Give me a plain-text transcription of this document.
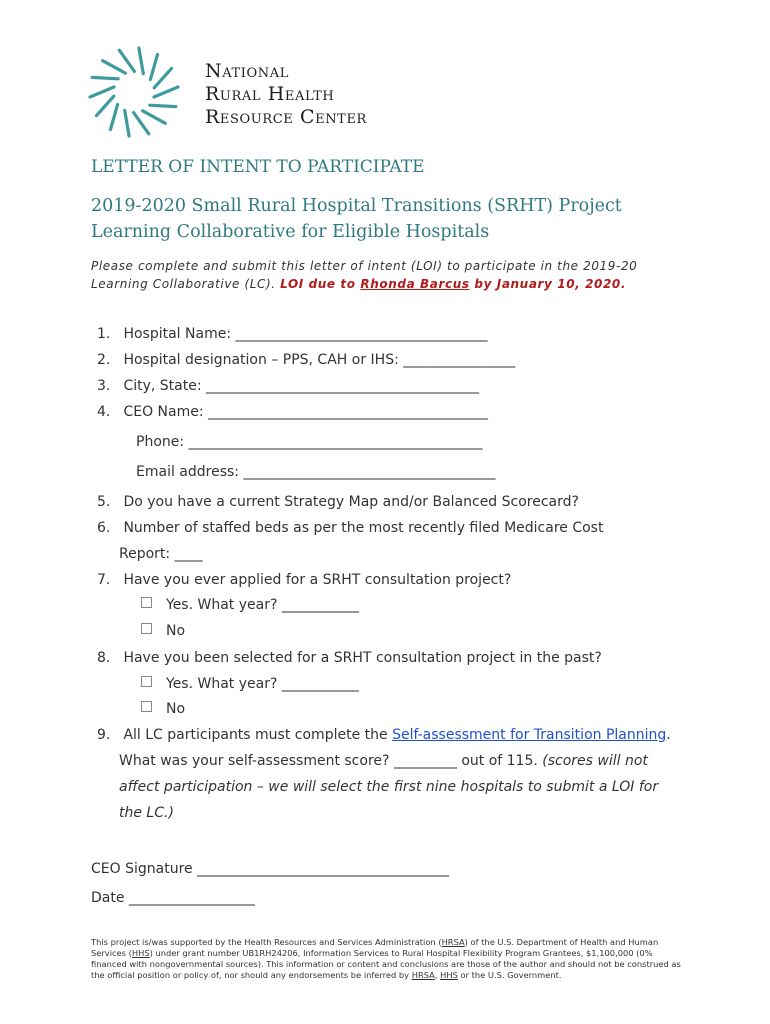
National
Rural Health
Resource Center
LETTER OF INTENT TO PARTICIPATE
2019-2020 Small Rural Hospital Transitions (SRHT) Project
Learning Collaborative for Eligible Hospitals
Please complete and submit this letter of intent (LOI) to participate in the 2019-20 Learning Collaborative (LC). LOI due to Rhonda Barcus by January 10, 2020.
1. Hospital Name: ____________________________________
2. Hospital designation – PPS, CAH or IHS: ________________
3. City, State: _______________________________________
4. CEO Name: ________________________________________
Phone: __________________________________________
Email address: ____________________________________
5. Do you have a current Strategy Map and/or Balanced Scorecard?
6. Number of staffed beds as per the most recently filed Medicare Cost
Report: ____
7. Have you ever applied for a SRHT consultation project?
Yes. What year? ___________
No
8. Have you been selected for a SRHT consultation project in the past?
Yes. What year? ___________
No
9. All LC participants must complete the Self-assessment for Transition Planning.
What was your self-assessment score? _________ out of 115. (scores will not
affect participation – we will select the first nine hospitals to submit a LOI for
the LC.)
CEO Signature ____________________________________
Date __________________
This project is/was supported by the Health Resources and Services Administration (HRSA) of the U.S. Department of Health and Human Services (HHS) under grant number UB1RH24206, Information Services to Rural Hospital Flexibility Program Grantees, $1,100,000 (0% financed with nongovernmental sources). This information or content and conclusions are those of the author and should not be construed as the official position or policy of, nor should any endorsements be inferred by HRSA, HHS or the U.S. Government.
